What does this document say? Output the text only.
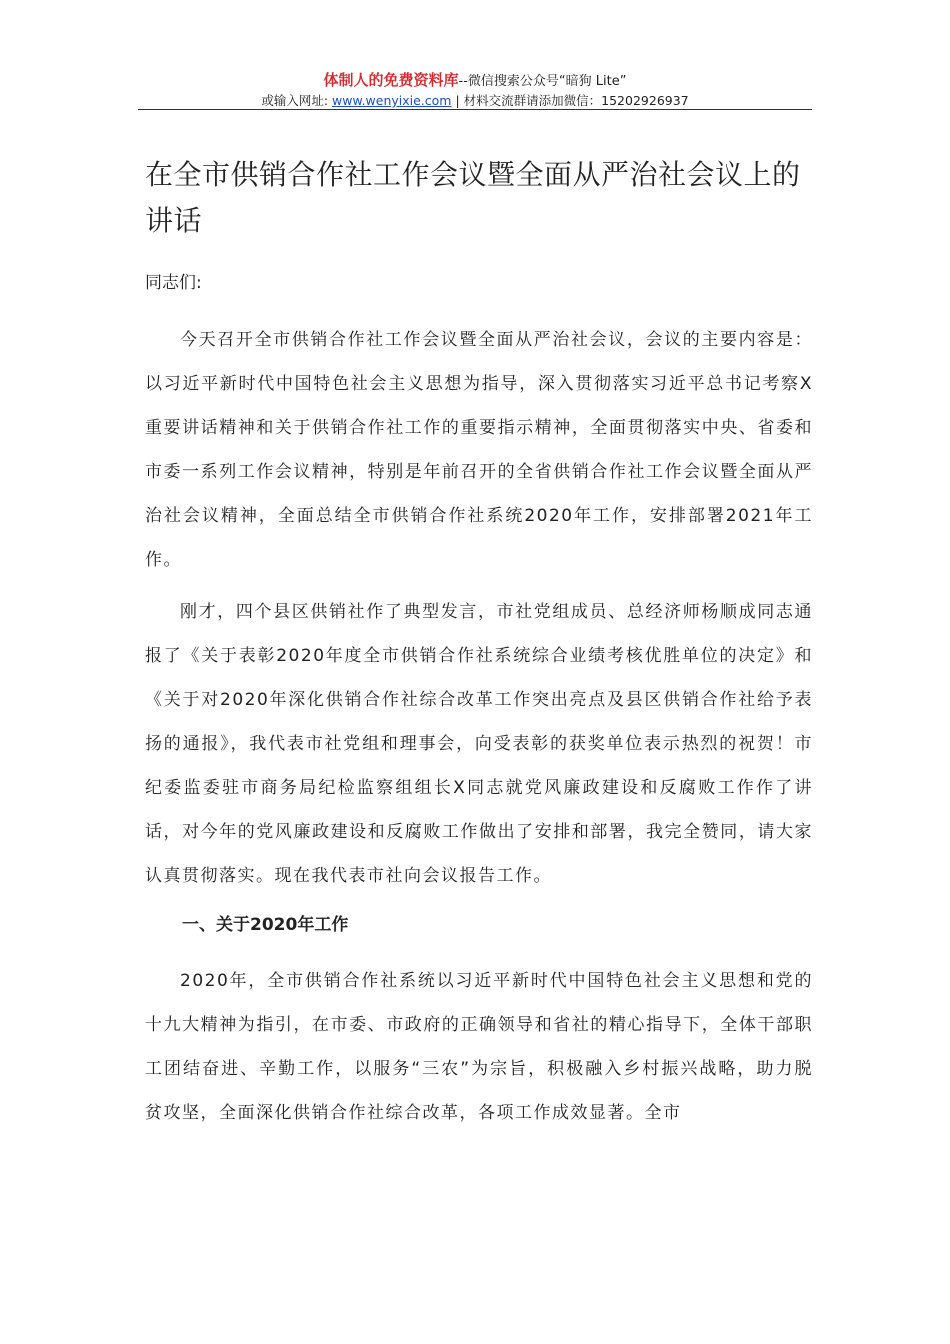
体制人的免费资料库--微信搜索公众号“暗狗 Lite”
或输入网址: www.wenyixie.com | 材料交流群请添加微信：15202926937
在全市供销合作社工作会议暨全面从严治社会议上的讲话

同志们:

今天召开全市供销合作社工作会议暨全面从严治社会议，会议的主要内容是：以习近平新时代中国特色社会主义思想为指导，深入贯彻落实习近平总书记考察X重要讲话精神和关于供销合作社工作的重要指示精神，全面贯彻落实中央、省委和市委一系列工作会议精神，特别是年前召开的全省供销合作社工作会议暨全面从严治社会议精神，全面总结全市供销合作社系统2020年工作，安排部署2021年工作。

刚才，四个县区供销社作了典型发言，市社党组成员、总经济师杨顺成同志通报了《关于表彰2020年度全市供销合作社系统综合业绩考核优胜单位的决定》和《关于对2020年深化供销合作社综合改革工作突出亮点及县区供销合作社给予表扬的通报》，我代表市社党组和理事会，向受表彰的获奖单位表示热烈的祝贺！市纪委监委驻市商务局纪检监察组组长X同志就党风廉政建设和反腐败工作作了讲话，对今年的党风廉政建设和反腐败工作做出了安排和部署，我完全赞同，请大家认真贯彻落实。现在我代表市社向会议报告工作。

一、关于2020年工作

2020年，全市供销合作社系统以习近平新时代中国特色社会主义思想和党的十九大精神为指引，在市委、市政府的正确领导和省社的精心指导下，全体干部职工团结奋进、辛勤工作，以服务“三农”为宗旨，积极融入乡村振兴战略，助力脱贫攻坚，全面深化供销合作社综合改革，各项工作成效显著。全市
